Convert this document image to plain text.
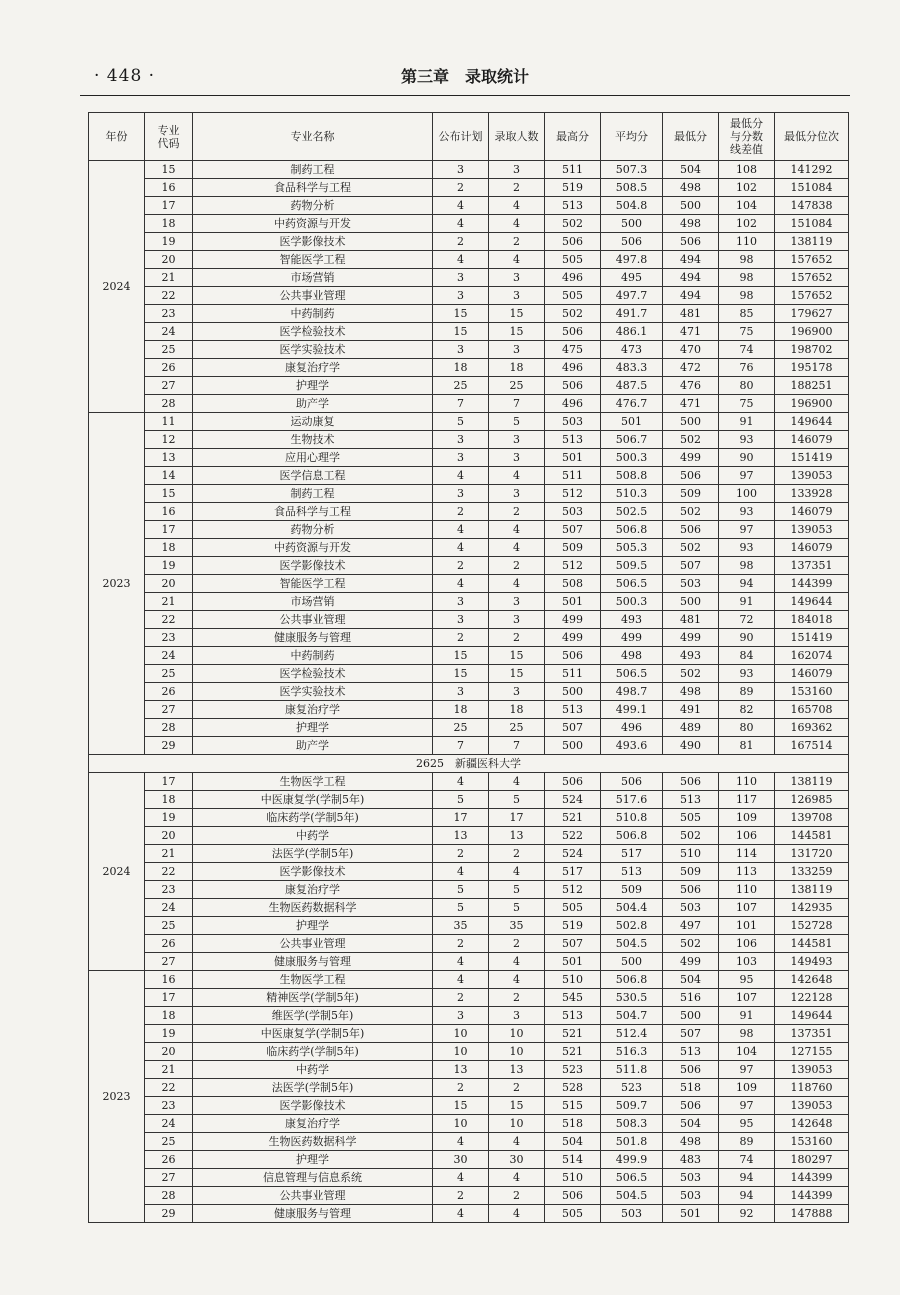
· 448 ·	第三章　录取统计
年份	专业代码	专业名称	公布计划	录取人数	最高分	平均分	最低分	最低分与分数线差值	最低分位次
2024	15	制药工程	3	3	511	507.3	504	108	141292
	16	食品科学与工程	2	2	519	508.5	498	102	151084
	17	药物分析	4	4	513	504.8	500	104	147838
	18	中药资源与开发	4	4	502	500	498	102	151084
	19	医学影像技术	2	2	506	506	506	110	138119
	20	智能医学工程	4	4	505	497.8	494	98	157652
	21	市场营销	3	3	496	495	494	98	157652
	22	公共事业管理	3	3	505	497.7	494	98	157652
	23	中药制药	15	15	502	491.7	481	85	179627
	24	医学检验技术	15	15	506	486.1	471	75	196900
	25	医学实验技术	3	3	475	473	470	74	198702
	26	康复治疗学	18	18	496	483.3	472	76	195178
	27	护理学	25	25	506	487.5	476	80	188251
	28	助产学	7	7	496	476.7	471	75	196900
2023	11	运动康复	5	5	503	501	500	91	149644
	12	生物技术	3	3	513	506.7	502	93	146079
	13	应用心理学	3	3	501	500.3	499	90	151419
	14	医学信息工程	4	4	511	508.8	506	97	139053
	15	制药工程	3	3	512	510.3	509	100	133928
	16	食品科学与工程	2	2	503	502.5	502	93	146079
	17	药物分析	4	4	507	506.8	506	97	139053
	18	中药资源与开发	4	4	509	505.3	502	93	146079
	19	医学影像技术	2	2	512	509.5	507	98	137351
	20	智能医学工程	4	4	508	506.5	503	94	144399
	21	市场营销	3	3	501	500.3	500	91	149644
	22	公共事业管理	3	3	499	493	481	72	184018
	23	健康服务与管理	2	2	499	499	499	90	151419
	24	中药制药	15	15	506	498	493	84	162074
	25	医学检验技术	15	15	511	506.5	502	93	146079
	26	医学实验技术	3	3	500	498.7	498	89	153160
	27	康复治疗学	18	18	513	499.1	491	82	165708
	28	护理学	25	25	507	496	489	80	169362
	29	助产学	7	7	500	493.6	490	81	167514
2625　新疆医科大学									
2024	17	生物医学工程	4	4	506	506	506	110	138119
	18	中医康复学(学制5年)	5	5	524	517.6	513	117	126985
	19	临床药学(学制5年)	17	17	521	510.8	505	109	139708
	20	中药学	13	13	522	506.8	502	106	144581
	21	法医学(学制5年)	2	2	524	517	510	114	131720
	22	医学影像技术	4	4	517	513	509	113	133259
	23	康复治疗学	5	5	512	509	506	110	138119
	24	生物医药数据科学	5	5	505	504.4	503	107	142935
	25	护理学	35	35	519	502.8	497	101	152728
	26	公共事业管理	2	2	507	504.5	502	106	144581
	27	健康服务与管理	4	4	501	500	499	103	149493
2023	16	生物医学工程	4	4	510	506.8	504	95	142648
	17	精神医学(学制5年)	2	2	545	530.5	516	107	122128
	18	维医学(学制5年)	3	3	513	504.7	500	91	149644
	19	中医康复学(学制5年)	10	10	521	512.4	507	98	137351
	20	临床药学(学制5年)	10	10	521	516.3	513	104	127155
	21	中药学	13	13	523	511.8	506	97	139053
	22	法医学(学制5年)	2	2	528	523	518	109	118760
	23	医学影像技术	15	15	515	509.7	506	97	139053
	24	康复治疗学	10	10	518	508.3	504	95	142648
	25	生物医药数据科学	4	4	504	501.8	498	89	153160
	26	护理学	30	30	514	499.9	483	74	180297
	27	信息管理与信息系统	4	4	510	506.5	503	94	144399
	28	公共事业管理	2	2	506	504.5	503	94	144399
	29	健康服务与管理	4	4	505	503	501	92	147888
